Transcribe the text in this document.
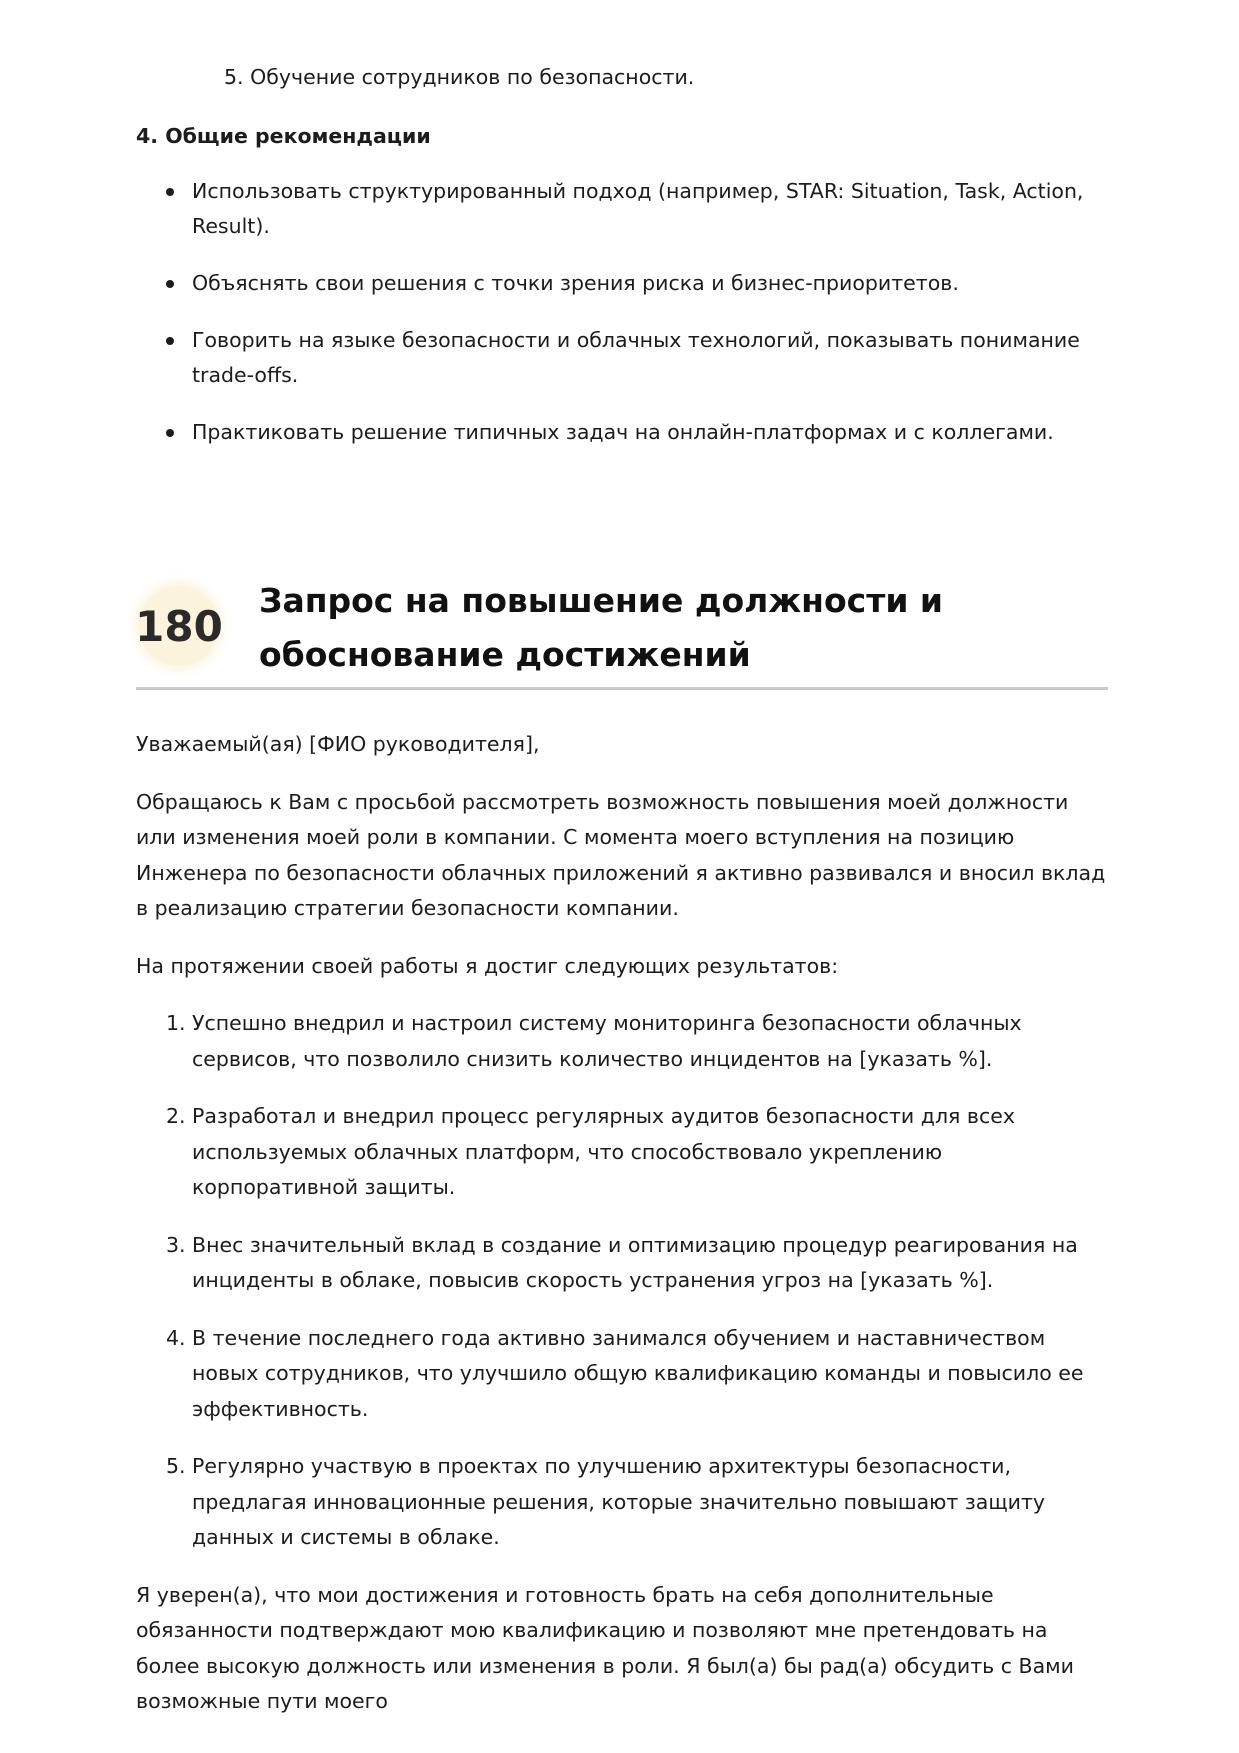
5. Обучение сотрудников по безопасности.
4. Общие рекомендации
Использовать структурированный подход (например, STAR: Situation, Task, Action, Result).
Объяснять свои решения с точки зрения риска и бизнес-приоритетов.
Говорить на языке безопасности и облачных технологий, показывать понимание trade-offs.
Практиковать решение типичных задач на онлайн-платформах и с коллегами.
180
Запрос на повышение должности и обоснование достижений

Уважаемый(ая) [ФИО руководителя],

Обращаюсь к Вам с просьбой рассмотреть возможность повышения моей должности или изменения моей роли в компании. С момента моего вступления на позицию Инженера по безопасности облачных приложений я активно развивался и вносил вклад в реализацию стратегии безопасности компании.

На протяжении своей работы я достиг следующих результатов:

1. Успешно внедрил и настроил систему мониторинга безопасности облачных сервисов, что позволило снизить количество инцидентов на [указать %].
2. Разработал и внедрил процесс регулярных аудитов безопасности для всех используемых облачных платформ, что способствовало укреплению корпоративной защиты.
3. Внес значительный вклад в создание и оптимизацию процедур реагирования на инциденты в облаке, повысив скорость устранения угроз на [указать %].
4. В течение последнего года активно занимался обучением и наставничеством новых сотрудников, что улучшило общую квалификацию команды и повысило ее эффективность.
5. Регулярно участвую в проектах по улучшению архитектуры безопасности, предлагая инновационные решения, которые значительно повышают защиту данных и системы в облаке.

Я уверен(а), что мои достижения и готовность брать на себя дополнительные обязанности подтверждают мою квалификацию и позволяют мне претендовать на более высокую должность или изменения в роли. Я был(а) бы рад(а) обсудить с Вами возможные пути моего
